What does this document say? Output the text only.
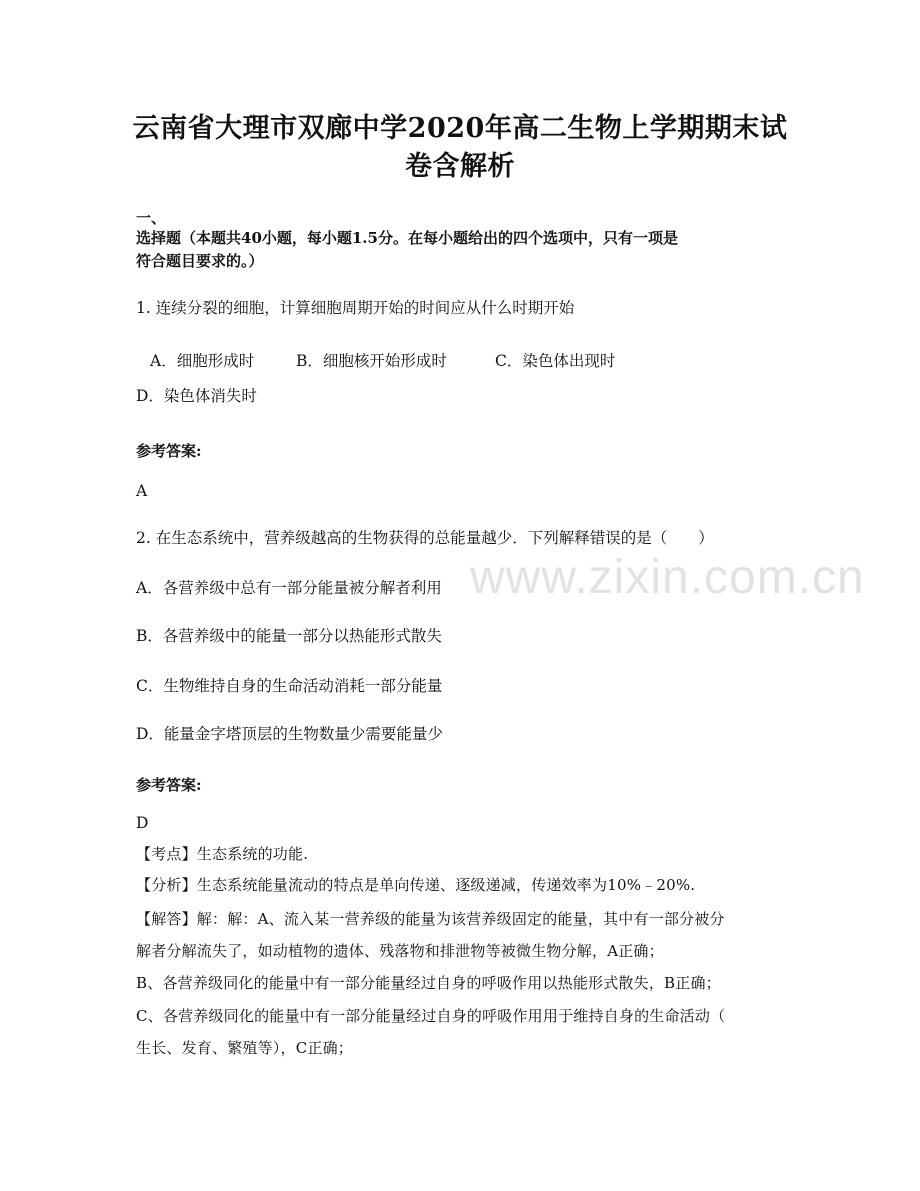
云南省大理市双廊中学2020年高二生物上学期期末试
卷含解析
一、
选择题（本题共40小题，每小题1.5分。在每小题给出的四个选项中，只有一项是
符合题目要求的。）
1. 连续分裂的细胞，计算细胞周期开始的时间应从什么时期开始
A．细胞形成时	B．细胞核开始形成时	C．染色体出现时
D．染色体消失时
参考答案:
A
2. 在生态系统中，营养级越高的生物获得的总能量越少．下列解释错误的是（　　）
A．各营养级中总有一部分能量被分解者利用
B．各营养级中的能量一部分以热能形式散失
C．生物维持自身的生命活动消耗一部分能量
D．能量金字塔顶层的生物数量少需要能量少
参考答案:
D
【考点】生态系统的功能.
【分析】生态系统能量流动的特点是单向传递、逐级递减，传递效率为10%﹣20%.
【解答】解：解：A、流入某一营养级的能量为该营养级固定的能量，其中有一部分被分
解者分解流失了，如动植物的遗体、残落物和排泄物等被微生物分解，A正确；
B、各营养级同化的能量中有一部分能量经过自身的呼吸作用以热能形式散失，B正确；
C、各营养级同化的能量中有一部分能量经过自身的呼吸作用用于维持自身的生命活动（
生长、发育、繁殖等），C正确；
www.zixin.com.cn
